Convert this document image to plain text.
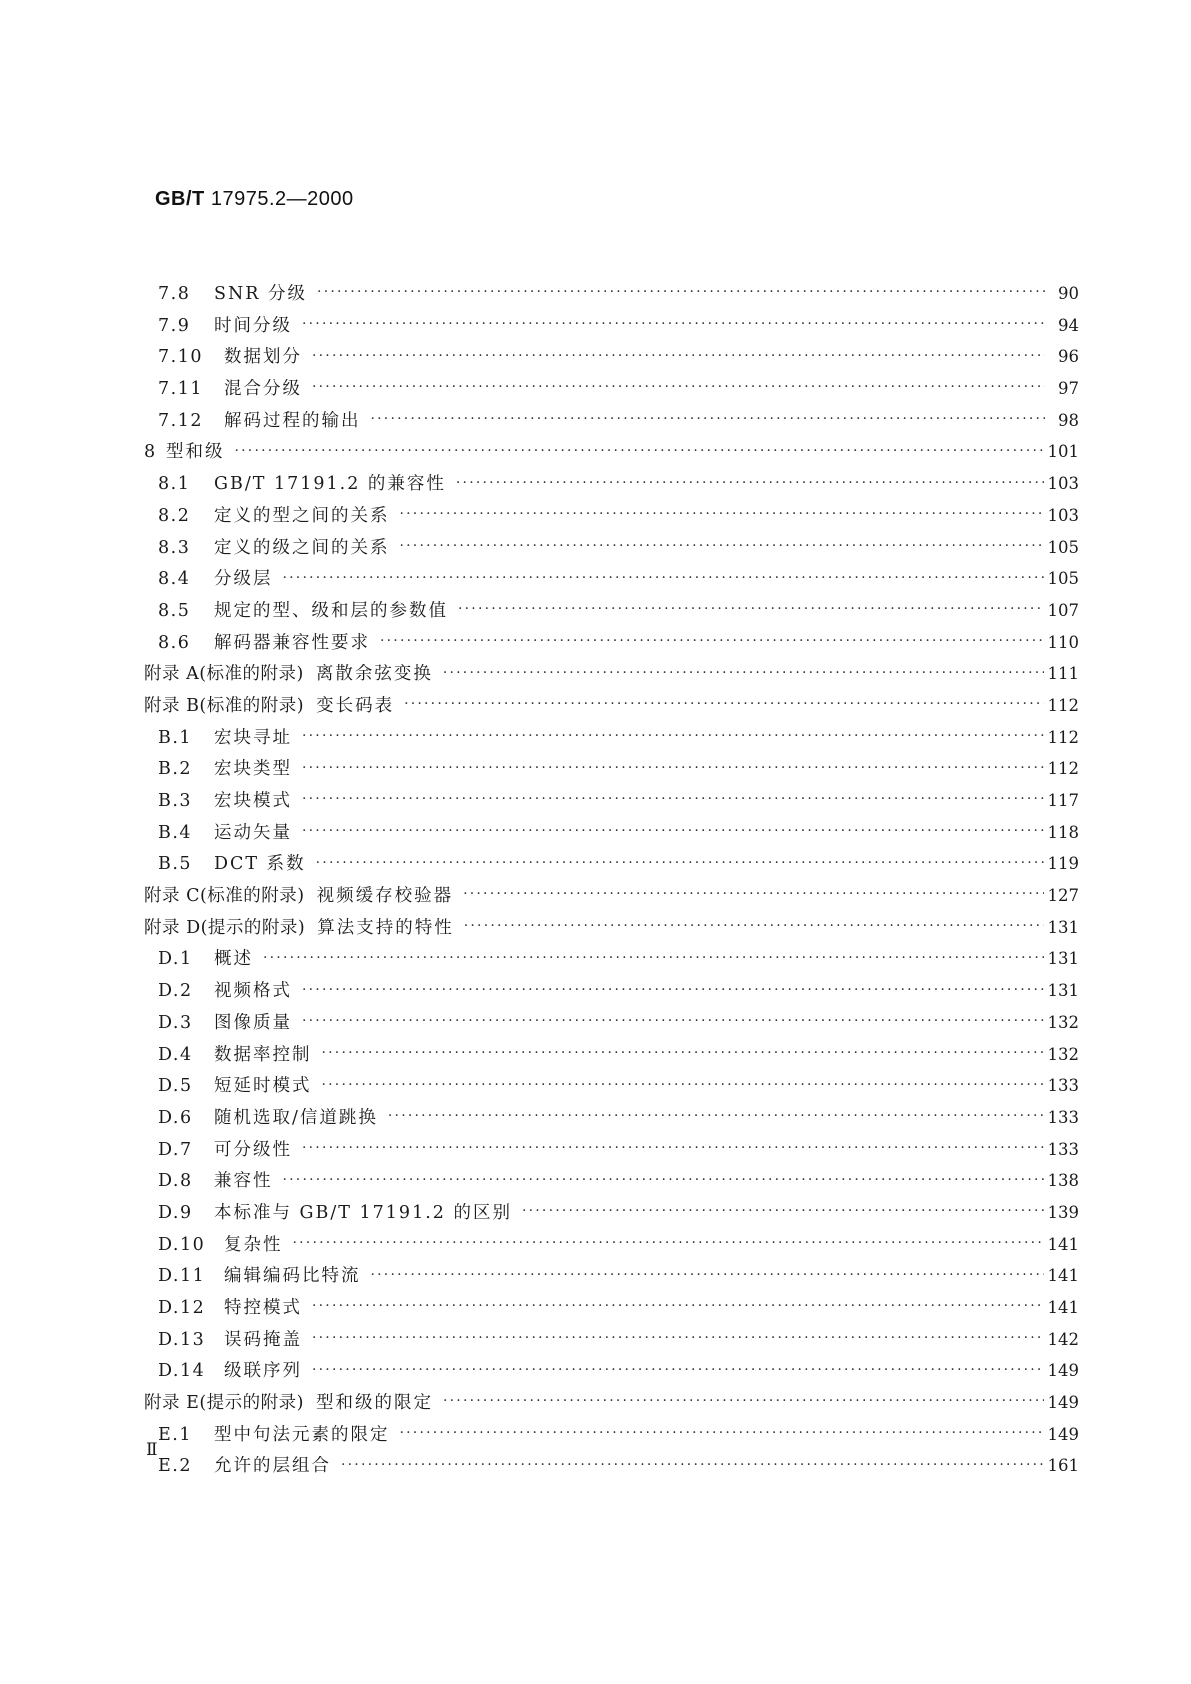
GB/T 17975.2—2000
7.8	SNR 分级 ·····	90
7.9	时间分级 ·····	94
7.10	数据划分 ·····	96
7.11	混合分级 ·····	97
7.12	解码过程的输出 ·····	98
8 型和级 ·····	101
8.1	GB/T 17191.2 的兼容性 ·····	103
8.2	定义的型之间的关系 ·····	103
8.3	定义的级之间的关系 ·····	105
8.4	分级层 ·····	105
8.5	规定的型、级和层的参数值 ·····	107
8.6	解码器兼容性要求 ·····	110
附录 A(标准的附录) 离散余弦变换 ·····	111
附录 B(标准的附录) 变长码表 ·····	112
B.1	宏块寻址 ·····	112
B.2	宏块类型 ·····	112
B.3	宏块模式 ·····	117
B.4	运动矢量 ·····	118
B.5	DCT 系数 ·····	119
附录 C(标准的附录) 视频缓存校验器 ·····	127
附录 D(提示的附录) 算法支持的特性 ·····	131
D.1	概述 ·····	131
D.2	视频格式 ·····	131
D.3	图像质量 ·····	132
D.4	数据率控制 ·····	132
D.5	短延时模式 ·····	133
D.6	随机选取/信道跳换 ·····	133
D.7	可分级性 ·····	133
D.8	兼容性 ·····	138
D.9	本标准与 GB/T 17191.2 的区别 ·····	139
D.10	复杂性 ·····	141
D.11	编辑编码比特流 ·····	141
D.12	特控模式 ·····	141
D.13	误码掩盖 ·····	142
D.14	级联序列 ·····	149
附录 E(提示的附录) 型和级的限定 ·····	149
E.1	型中句法元素的限定 ·····	149
E.2	允许的层组合 ·····	161
Ⅱ
